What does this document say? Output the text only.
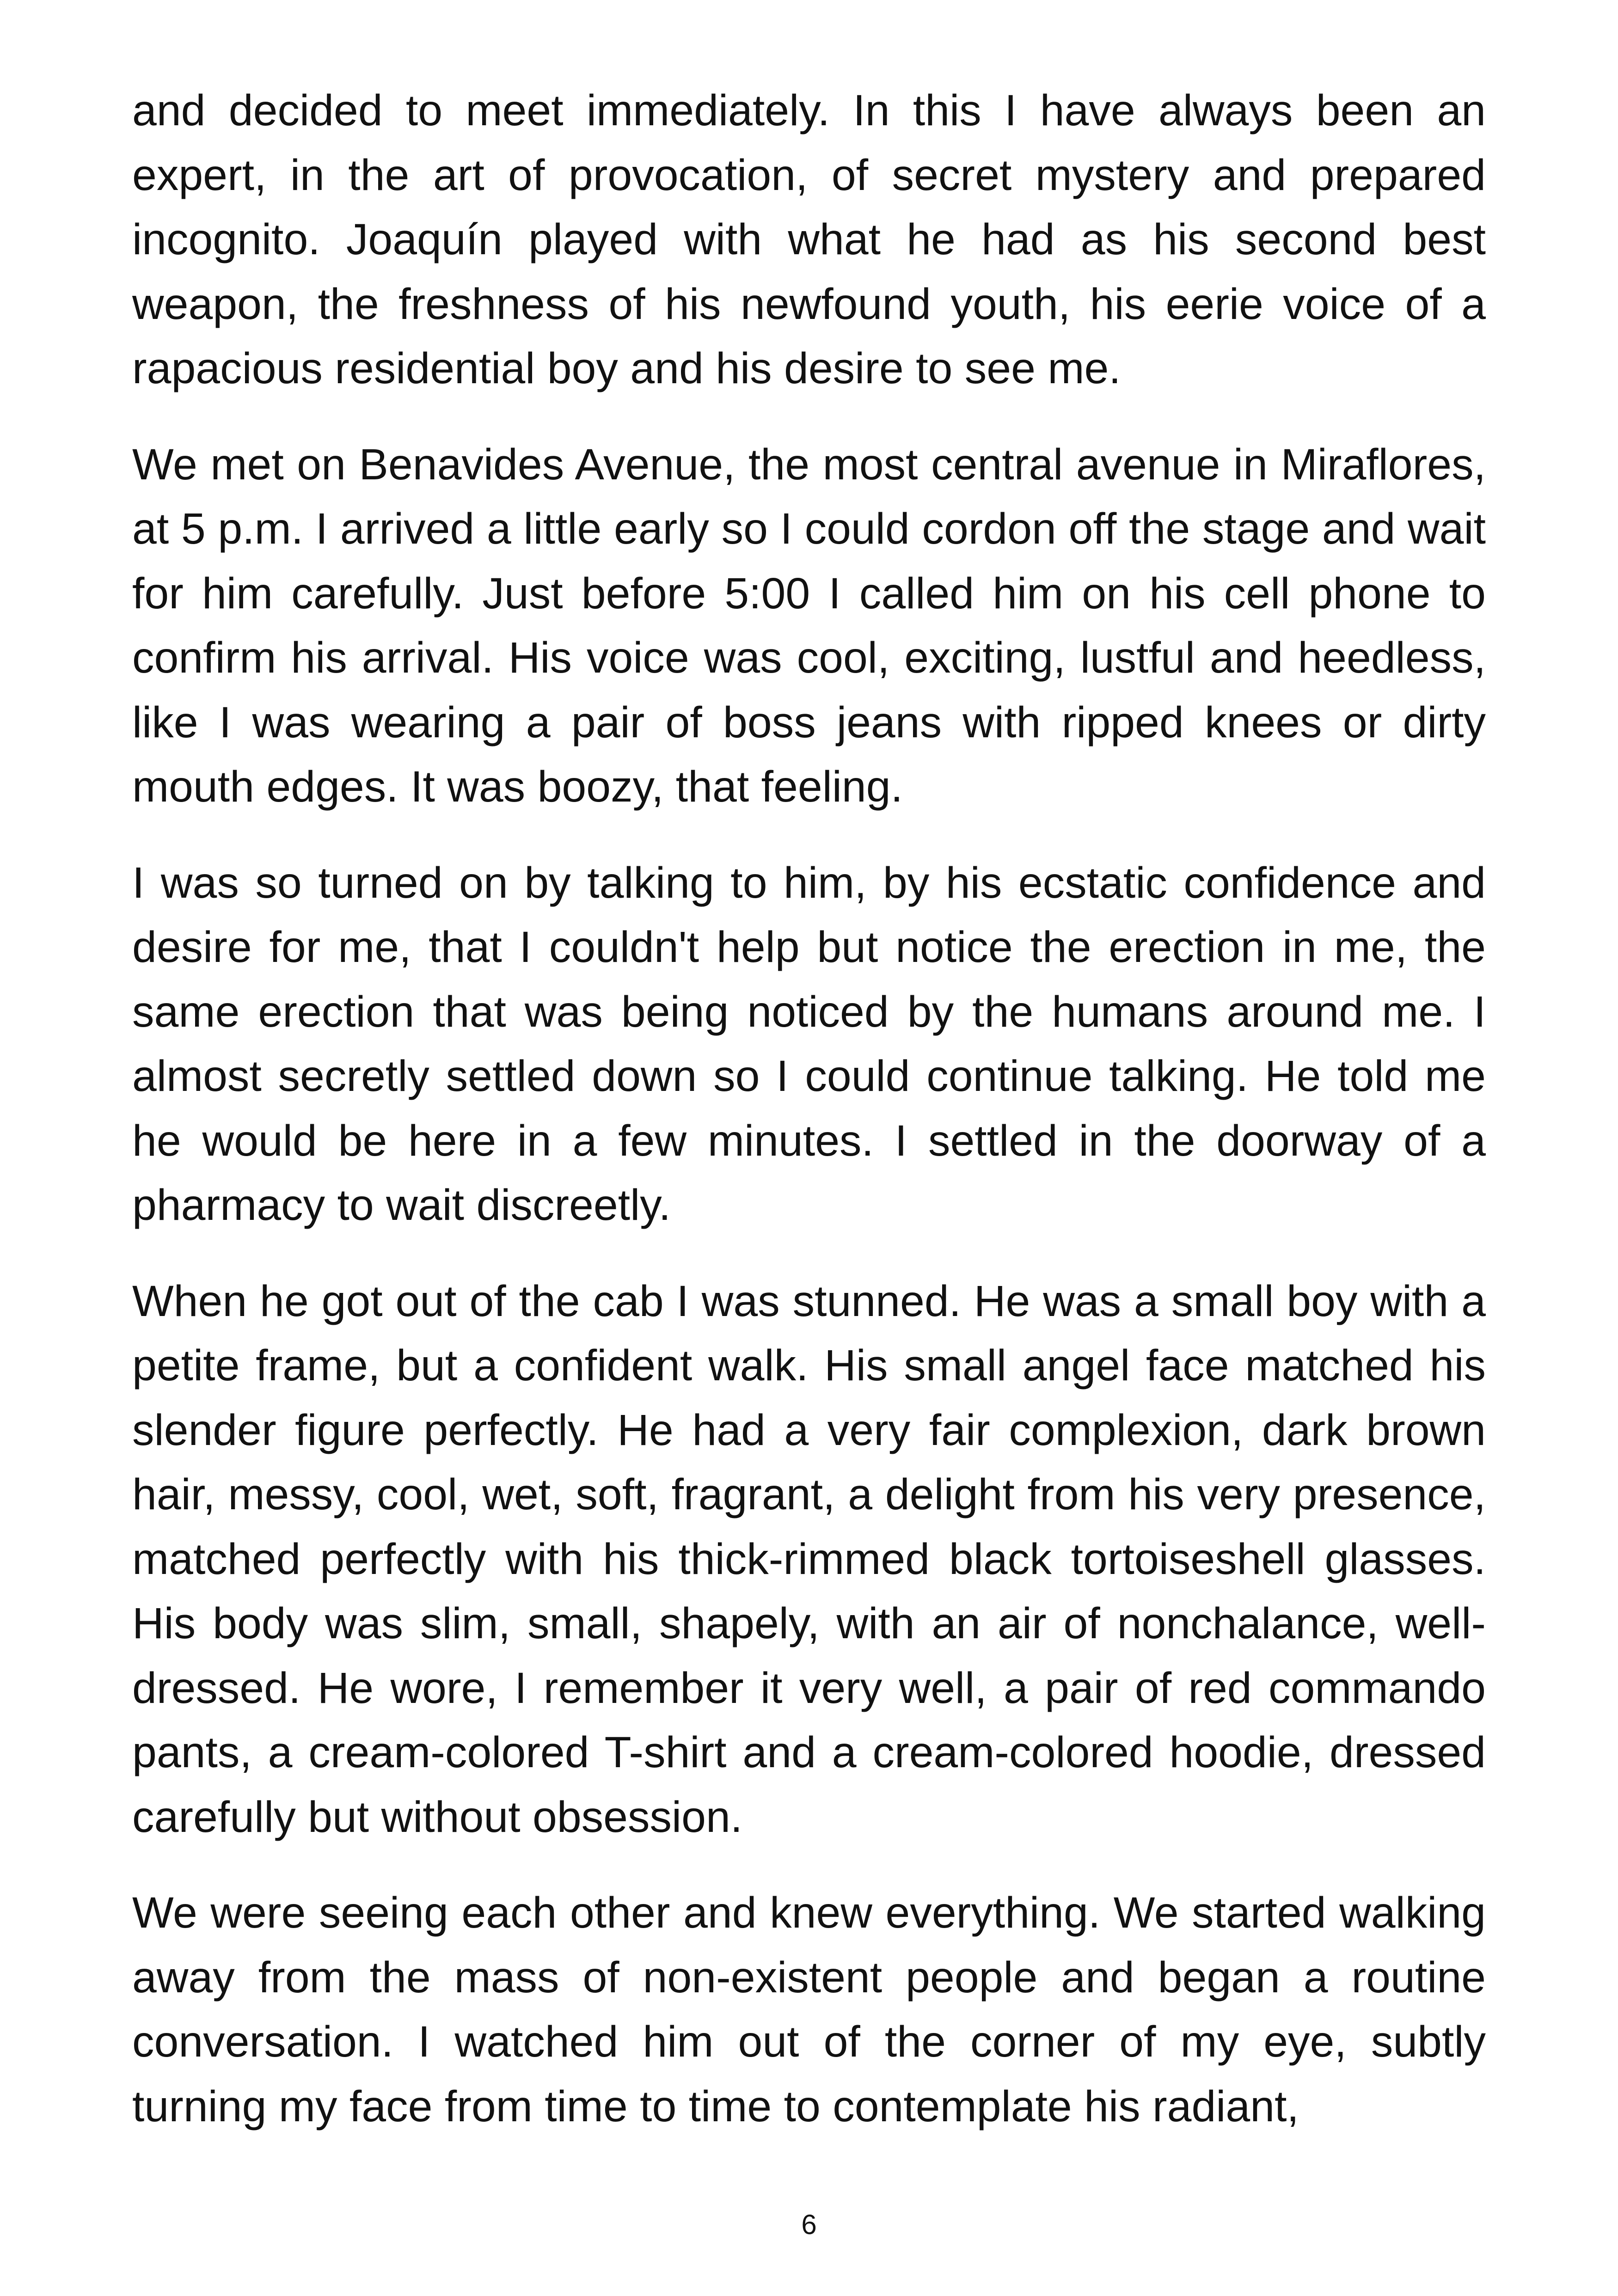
and decided to meet immediately. In this I have always been an expert, in the art of provocation, of secret mystery and prepared incognito. Joaquín played with what he had as his second best weapon, the freshness of his newfound youth, his eerie voice of a rapacious residential boy and his desire to see me.

We met on Benavides Avenue, the most central avenue in Miraflores, at 5 p.m. I arrived a little early so I could cordon off the stage and wait for him carefully. Just before 5:00 I called him on his cell phone to confirm his arrival. His voice was cool, exciting, lustful and heedless, like I was wearing a pair of boss jeans with ripped knees or dirty mouth edges. It was boozy, that feeling.

I was so turned on by talking to him, by his ecstatic confidence and desire for me, that I couldn't help but notice the erection in me, the same erection that was being noticed by the humans around me. I almost secretly settled down so I could continue talking. He told me he would be here in a few minutes. I settled in the doorway of a pharmacy to wait discreetly.

When he got out of the cab I was stunned. He was a small boy with a petite frame, but a confident walk. His small angel face matched his slender figure perfectly. He had a very fair complexion, dark brown hair, messy, cool, wet, soft, fragrant, a delight from his very presence, matched perfectly with his thick-rimmed black tortoiseshell glasses. His body was slim, small, shapely, with an air of nonchalance, well-dressed. He wore, I remember it very well, a pair of red commando pants, a cream-colored T-shirt and a cream-colored hoodie, dressed carefully but without obsession.

We were seeing each other and knew everything. We started walking away from the mass of non-existent people and began a routine conversation. I watched him out of the corner of my eye, subtly turning my face from time to time to contemplate his radiant,

6
